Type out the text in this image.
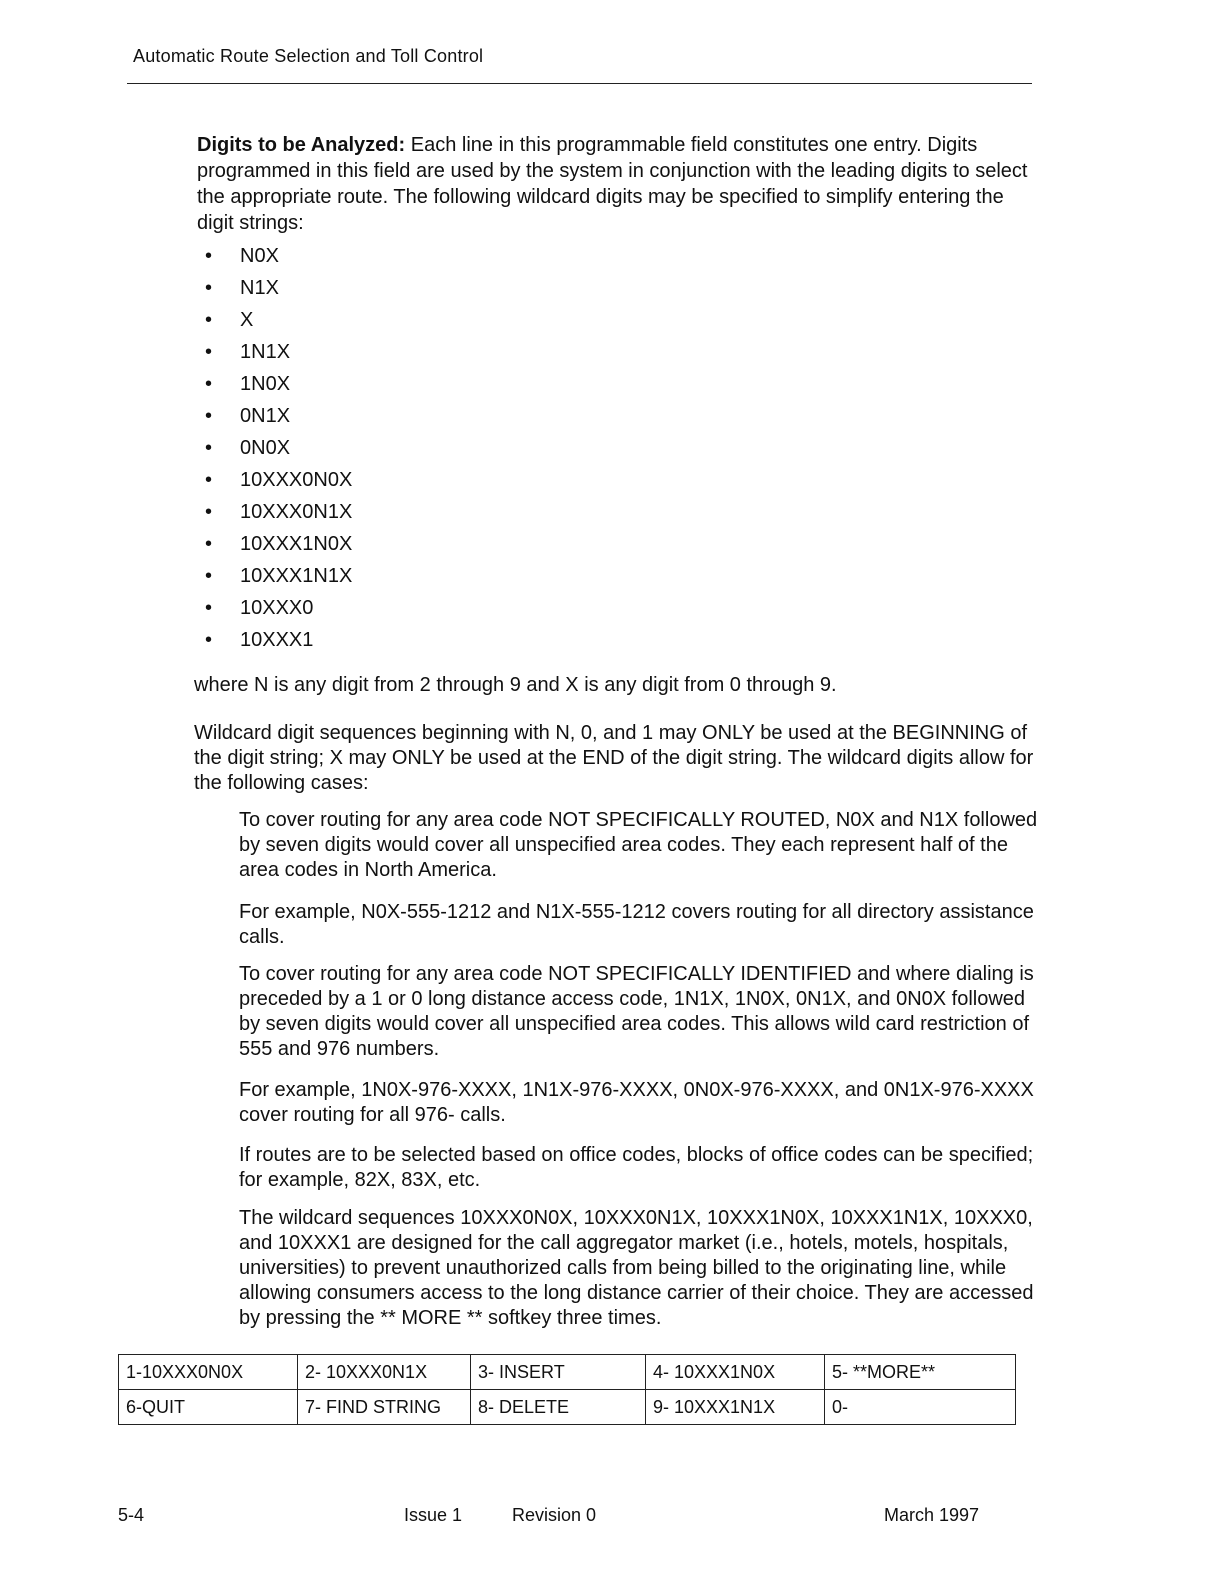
Automatic Route Selection and Toll Control
Digits to be Analyzed: Each line in this programmable field constitutes one entry. Digits programmed in this field are used by the system in conjunction with the leading digits to select the appropriate route. The following wildcard digits may be specified to simplify entering the digit strings:
•	N0X
•	N1X
•	X
•	1N1X
•	1N0X
•	0N1X
•	0N0X
•	10XXX0N0X
•	10XXX0N1X
•	10XXX1N0X
•	10XXX1N1X
•	10XXX0
•	10XXX1
where N is any digit from 2 through 9 and X is any digit from 0 through 9.
Wildcard digit sequences beginning with N, 0, and 1 may ONLY be used at the BEGINNING of the digit string; X may ONLY be used at the END of the digit string. The wildcard digits allow for the following cases:
To cover routing for any area code NOT SPECIFICALLY ROUTED, N0X and N1X followed by seven digits would cover all unspecified area codes. They each represent half of the area codes in North America.
For example, N0X-555-1212 and N1X-555-1212 covers routing for all directory assistance calls.
To cover routing for any area code NOT SPECIFICALLY IDENTIFIED and where dialing is preceded by a 1 or 0 long distance access code, 1N1X, 1N0X, 0N1X, and 0N0X followed by seven digits would cover all unspecified area codes. This allows wild card restriction of 555 and 976 numbers.
For example, 1N0X-976-XXXX, 1N1X-976-XXXX, 0N0X-976-XXXX, and 0N1X-976-XXXX cover routing for all 976- calls.
If routes are to be selected based on office codes, blocks of office codes can be specified; for example, 82X, 83X, etc.
The wildcard sequences 10XXX0N0X, 10XXX0N1X, 10XXX1N0X, 10XXX1N1X, 10XXX0, and 10XXX1 are designed for the call aggregator market (i.e., hotels, motels, hospitals, universities) to prevent unauthorized calls from being billed to the originating line, while allowing consumers access to the long distance carrier of their choice. They are accessed by pressing the ** MORE ** softkey three times.
1-10XXX0N0X	2- 10XXX0N1X	3- INSERT	4- 10XXX1N0X	5- **MORE**
6-QUIT	7- FIND STRING	8- DELETE	9- 10XXX1N1X	0-
5-4	Issue 1	Revision 0	March 1997
